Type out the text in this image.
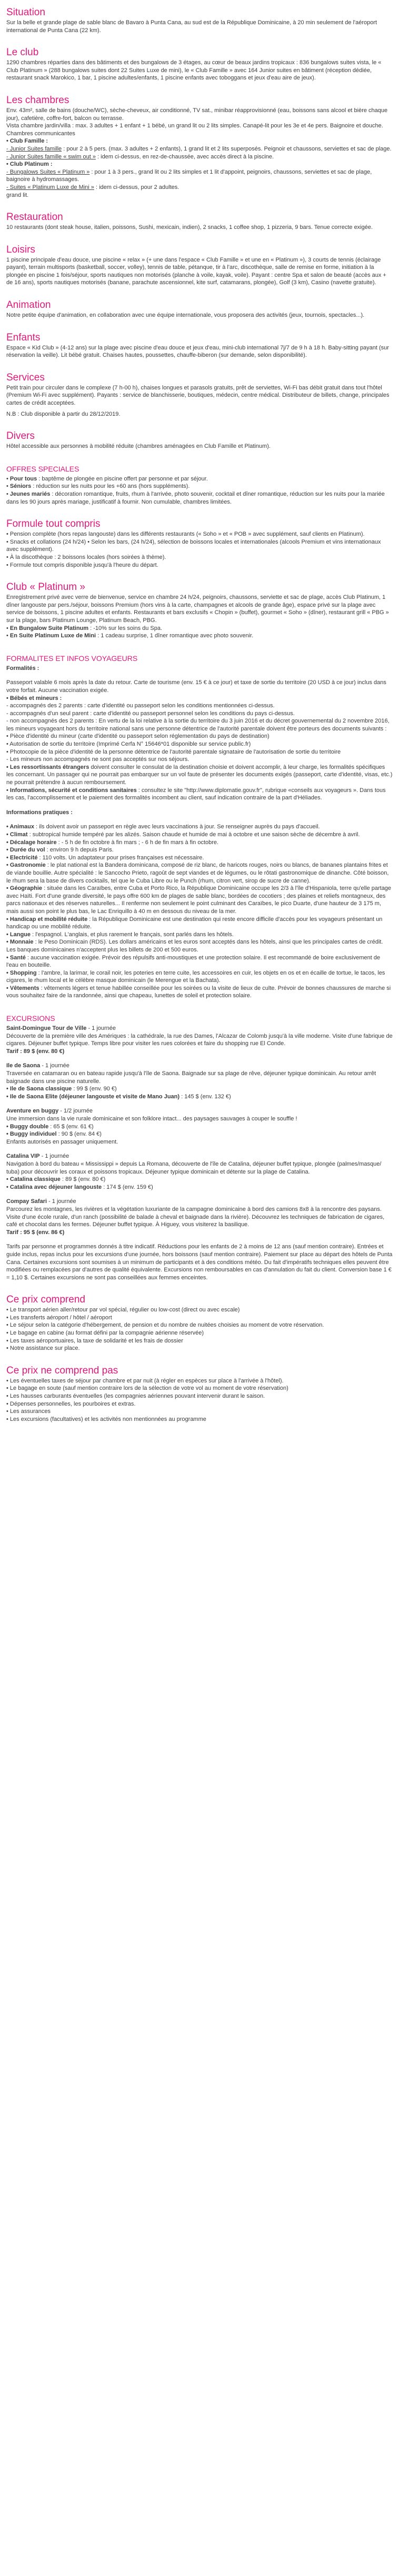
Situation

Sur la belle et grande plage de sable blanc de Bavaro à Punta Cana, au sud est de la République Dominicaine, à 20 min seulement de l'aéroport international de Punta Cana (22 km).

Le club

1290 chambres réparties dans des bâtiments et des bungalows de 3 étages, au cœur de beaux jardins tropicaux : 836 bungalows suites vista, le « Club Platinum » (288 bungalows suites dont 22 Suites Luxe de mini), le « Club Famille » avec 164 Junior suites en bâtiment (réception dédiée, restaurant snack Marokico, 1 bar, 1 piscine adultes/enfants, 1 piscine enfants avec toboggans et jeux d'eau aire de jeux).

Les chambres

Env. 43m², salle de bains (douche/WC), sèche-cheveux, air conditionné, TV sat., minibar réapprovisionné (eau, boissons sans alcool et bière chaque jour), cafetière, coffre-fort, balcon ou terrasse.

Vista chambre jardin/villa : max. 3 adultes + 1 enfant + 1 bébé, un grand lit ou 2 lits simples. Canapé-lit pour les 3e et 4e pers. Baignoire et douche. Chambres communicantes

• Club Famille :

- Junior Suites famille : pour 2 à 5 pers. (max. 3 adultes + 2 enfants), 1 grand lit et 2 lits superposés. Peignoir et chaussons, serviettes et sac de plage.

- Junior Suites famille « swim out » : idem ci-dessus, en rez-de-chaussée, avec accès direct à la piscine.

• Club Platinum :

- Bungalows Suites « Platinum » : pour 1 à 3 pers., grand lit ou 2 lits simples et 1 lit d'appoint, peignoirs, chaussons, serviettes et sac de plage, baignoire à hydromassages.

- Suites « Platinum Luxe de Mini » : idem ci-dessus, pour 2 adultes.

grand lit.

Restauration

10 restaurants (dont steak house, italien, poissons, Sushi, mexicain, indien), 2 snacks, 1 coffee shop, 1 pizzeria, 9 bars. Tenue correcte exigée.

Loisirs

1 piscine principale d'eau douce, une piscine « relax » (+ une dans l'espace « Club Famille » et une en « Platinum »), 3 courts de tennis (éclairage payant), terrain multisports (basketball, soccer, volley), tennis de table, pétanque, tir à l'arc, discothèque, salle de remise en forme, initiation à la plongée en piscine 1 fois/séjour, sports nautiques non motorisés (planche à voile, kayak, voile). Payant : centre Spa et salon de beauté (accès aux + de 16 ans), sports nautiques motorisés (banane, parachute ascensionnel, kite surf, catamarans, plongée), Golf (3 km), Casino (navette gratuite).

Animation

Notre petite équipe d'animation, en collaboration avec une équipe internationale, vous proposera des activités (jeux, tournois, spectacles...).

Enfants

Espace « Kid Club » (4-12 ans) sur la plage avec piscine d'eau douce et jeux d'eau, mini-club international 7j/7 de 9 h à 18 h. Baby-sitting payant (sur réservation la veille). Lit bébé gratuit. Chaises hautes, poussettes, chauffe-biberon (sur demande, selon disponibilité).

Services

Petit train pour circuler dans le complexe (7 h-00 h), chaises longues et parasols gratuits, prêt de serviettes, Wi-Fi bas débit gratuit dans tout l'hôtel (Premium Wi-Fi avec supplément). Payants : service de blanchisserie, boutiques, médecin, centre médical. Distributeur de billets, change, principales cartes de crédit acceptées.

N.B : Club disponible à partir du 28/12/2019.

Divers

Hôtel accessible aux personnes à mobilité réduite (chambres aménagées en Club Famille et Platinum).

OFFRES SPECIALES
• Pour tous : baptême de plongée en piscine offert par personne et par séjour.
• Séniors : réduction sur les nuits pour les +60 ans (hors suppléments).
• Jeunes mariés : décoration romantique, fruits, rhum à l'arrivée, photo souvenir, cocktail et dîner romantique, réduction sur les nuits pour la mariée dans les 90 jours après mariage, justificatif à fournir. Non cumulable, chambres limitées.
Formule tout compris
• Pension complète (hors repas langouste) dans les différents restaurants (« Soho » et « POB » avec supplément, sauf clients en Platinum).
• Snacks et collations (24 h/24) • Selon les bars, (24 h/24), sélection de boissons locales et internationales (alcools Premium et vins internationaux avec supplément).
• À la discothèque : 2 boissons locales (hors soirées à thème).
• Formule tout compris disponible jusqu'à l'heure du départ.
Club « Platinum »

Enregistrement privé avec verre de bienvenue, service en chambre 24 h/24, peignoirs, chaussons, serviette et sac de plage, accès Club Platinum, 1 dîner langouste par pers./séjour, boissons Premium (hors vins à la carte, champagnes et alcools de grande âge), espace privé sur la plage avec service de boissons, 1 piscine adultes et enfants. Restaurants et bars exclusifs « Chopin » (buffet), gourmet « Soho » (dîner), restaurant grill « PBG » sur la plage, bars Platinum Lounge, Platinum Beach, PBG.

• En Bungalow Suite Platinum : -10% sur les soins du Spa.
• En Suite Platinum Luxe de Mini : 1 cadeau surprise, 1 dîner romantique avec photo souvenir.
FORMALITES ET INFOS VOYAGEURS

Formalités :

Passeport valable 6 mois après la date du retour. Carte de tourisme (env. 15 € à ce jour) et taxe de sortie du territoire (20 USD à ce jour) inclus dans votre forfait. Aucune vaccination exigée.

• Bébés et mineurs :

- accompagnés des 2 parents : carte d'identité ou passeport selon les conditions mentionnées ci-dessus.

- accompagnés d'un seul parent : carte d'identité ou passeport personnel selon les conditions du pays ci-dessus.

- non accompagnés des 2 parents : En vertu de la loi relative à la sortie du territoire du 3 juin 2016 et du décret gouvernemental du 2 novembre 2016, les mineurs voyageant hors du territoire national sans une personne détentrice de l'autorité parentale doivent être porteurs des documents suivants :

• Pièce d'identité du mineur (carte d'identité ou passeport selon réglementation du pays de destination)

• Autorisation de sortie du territoire (Imprimé Cerfa N° 15646*01 disponible sur service public.fr)

• Photocopie de la pièce d'identité de la personne détentrice de l'autorité parentale signataire de l'autorisation de sortie du territoire

- Les mineurs non accompagnés ne sont pas acceptés sur nos séjours.

• Les ressortissants étrangers doivent consulter le consulat de la destination choisie et doivent accomplir, à leur charge, les formalités spécifiques les concernant. Un passager qui ne pourrait pas embarquer sur un vol faute de présenter les documents exigés (passeport, carte d'identité, visas, etc.) ne pourrait prétendre à aucun remboursement.

• Informations, sécurité et conditions sanitaires : consultez le site "http://www.diplomatie.gouv.fr", rubrique «conseils aux voyageurs ». Dans tous les cas, l'accomplissement et le paiement des formalités incombent au client, sauf indication contraire de la part d'Héliades.

Informations pratiques :

• Animaux : ils doivent avoir un passeport en règle avec leurs vaccinations à jour. Se renseigner auprès du pays d'accueil.

• Climat : subtropical humide tempéré par les alizés. Saison chaude et humide de mai à octobre et une saison sèche de décembre à avril.

• Décalage horaire : - 5 h de fin octobre à fin mars ; - 6 h de fin mars à fin octobre.

• Durée du vol : environ 9 h depuis Paris.

• Electricité : 110 volts. Un adaptateur pour prises françaises est nécessaire.

• Gastronomie : le plat national est la Bandera dominicana, composé de riz blanc, de haricots rouges, noirs ou blancs, de bananes plantains frites et de viande bouillie. Autre spécialité : le Sancocho Prieto, ragoût de sept viandes et de légumes, ou le rôtati gastronomique de dinanche. Côté boisson, le rhum sera la base de divers cocktails, tel que le Cuba Libre ou le Punch (rhum, citron vert, sirop de sucre de canne).

• Géographie : située dans les Caraïbes, entre Cuba et Porto Rico, la République Dominicaine occupe les 2/3 à l'île d'Hispaniola, terre qu'elle partage avec Haïti. Fort d'une grande diversité, le pays offre 600 km de plages de sable blanc, bordées de cocotiers ; des plaines et reliefs montagneux, des parcs nationaux et des réserves naturelles... Il renferme non seulement le point culminant des Caraïbes, le pico Duarte, d'une hauteur de 3 175 m, mais aussi son point le plus bas, le Lac Enriquillo à 40 m en dessous du niveau de la mer.

• Handicap et mobilité réduite : la République Dominicaine est une destination qui reste encore difficile d'accès pour les voyageurs présentant un handicap ou une mobilité réduite.

• Langue : l'espagnol. L'anglais, et plus rarement le français, sont parlés dans les hôtels.

• Monnaie : le Peso Dominicain (RDS). Les dollars américains et les euros sont acceptés dans les hôtels, ainsi que les principales cartes de crédit. Les banques dominicaines n'acceptent plus les billets de 200 et 500 euros.

• Santé : aucune vaccination exigée. Prévoir des répulsifs anti-moustiques et une protection solaire. Il est recommandé de boire exclusivement de l'eau en bouteille.

• Shopping : l'ambre, la larimar, le corail noir, les poteries en terre cuite, les accessoires en cuir, les objets en os et en écaille de tortue, le tacos, les cigares, le rhum local et le célèbre masque dominicain (le Merengue et la Bachata).

• Vêtements : vêtements légers et tenue habillée conseillée pour les soirées ou la visite de lieux de culte. Prévoir de bonnes chaussures de marche si vous souhaitez faire de la randonnée, ainsi que chapeau, lunettes de soleil et protection solaire.

EXCURSIONS

Saint-Domingue Tour de Ville - 1 journée

Découverte de la première ville des Amériques : la cathédrale, la rue des Dames, l'Alcazar de Colomb jusqu'à la ville moderne. Visite d'une fabrique de cigares. Déjeuner buffet typique. Temps libre pour visiter les rues colorées et faire du shopping rue El Conde.

Tarif : 89 $ (env. 80 €)

Ile de Saona - 1 journée

Traversée en catamaran ou en bateau rapide jusqu'à l'île de Saona. Baignade sur sa plage de rêve, déjeuner typique dominicain. Au retour arrêt baignade dans une piscine naturelle.

• Ile de Saona classique : 99 $ (env. 90 €)

• Ile de Saona Elite (déjeuner langouste et visite de Mano Juan) : 145 $ (env. 132 €)

Aventure en buggy - 1/2 journée

Une immersion dans la vie rurale dominicaine et son folklore intact... des paysages sauvages à couper le souffle !

• Buggy double : 65 $ (env. 61 €)

• Buggy individuel : 90 $ (env. 84 €)

Enfants autorisés en passager uniquement.

Catalina VIP - 1 journée

Navigation à bord du bateau « Mississippi » depuis La Romana, découverte de l'île de Catalina, déjeuner buffet typique, plongée (palmes/masque/ tuba) pour découvrir les coraux et poissons tropicaux. Déjeuner typique dominicain et détente sur la plage de Catalina.

• Catalina classique : 89 $ (env. 80 €)

• Catalina avec déjeuner langouste : 174 $ (env. 159 €)

Compay Safari - 1 journée

Parcourez les montagnes, les rivières et la végétation luxuriante de la campagne dominicaine à bord des camions 8x8 à la rencontre des paysans. Visite d'une école rurale, d'un ranch (possibilité de balade à cheval et baignade dans la rivière). Découvrez les techniques de fabrication de cigares, café et chocolat dans les fermes. Déjeuner buffet typique. À Higuey, vous visiterez la basilique.

Tarif : 95 $ (env. 86 €)

Tarifs par personne et programmes donnés à titre indicatif. Réductions pour les enfants de 2 à moins de 12 ans (sauf mention contraire). Entrées et guide inclus, repas inclus pour les excursions d'une journée, hors boissons (sauf mention contraire). Paiement sur place au départ des hôtels de Punta Cana. Certaines excursions sont soumises à un minimum de participants et à des conditions météo. Du fait d'impératifs techniques elles peuvent être modifiées ou remplacées par d'autres de qualité équivalente. Excursions non remboursables en cas d'annulation du fait du client. Conversion base 1 € = 1,10 $. Certaines excursions ne sont pas conseillées aux femmes enceintes.

Ce prix comprend
• Le transport aérien aller/retour par vol spécial, régulier ou low-cost (direct ou avec escale)
• Les transferts aéroport / hôtel / aéroport
• Le séjour selon la catégorie d'hébergement, de pension et du nombre de nuitées choisies au moment de votre réservation.
• Le bagage en cabine (au format défini par la compagnie aérienne réservée)
• Les taxes aéroportuaires, la taxe de solidarité et les frais de dossier
• Notre assistance sur place.
Ce prix ne comprend pas
• Les éventuelles taxes de séjour par chambre et par nuit (à régler en espèces sur place à l'arrivée à l'hôtel).
• Le bagage en soute (sauf mention contraire lors de la sélection de votre vol au moment de votre réservation)
• Les hausses carburants éventuelles (les compagnies aériennes pouvant intervenir durant le saison.
• Dépenses personnelles, les pourboires et extras.
• Les assurances
• Les excursions (facultatives) et les activités non mentionnées au programme
